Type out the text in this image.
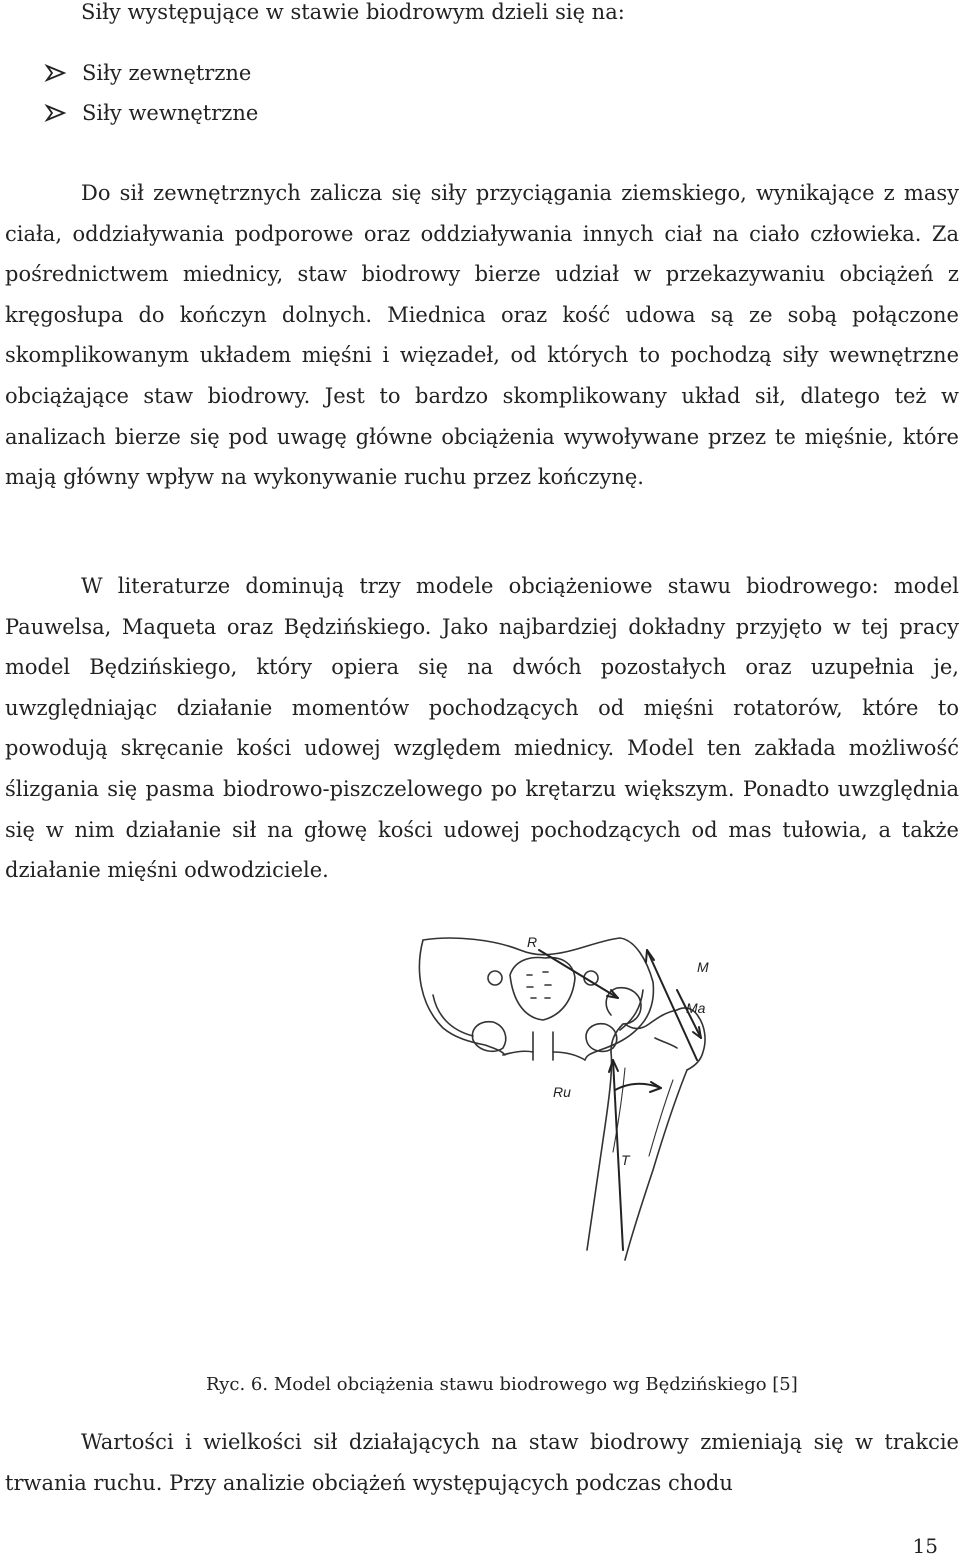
Siły występujące w stawie biodrowym dzieli się na:

Siły zewnętrzne
Siły wewnętrzne

Do sił zewnętrznych zalicza się siły przyciągania ziemskiego, wynikające z masy ciała, oddziaływania podporowe oraz oddziaływania innych ciał na ciało człowieka. Za pośrednictwem miednicy, staw biodrowy bierze udział w przekazywaniu obciążeń z kręgosłupa do kończyn dolnych. Miednica oraz kość udowa są ze sobą połączone skomplikowanym układem mięśni i więzadeł, od których to pochodzą siły wewnętrzne obciążające staw biodrowy. Jest to bardzo skomplikowany układ sił, dlatego też w analizach bierze się pod uwagę główne obciążenia wywoływane przez te mięśnie, które mają główny wpływ na wykonywanie ruchu przez kończynę.

W literaturze dominują trzy modele obciążeniowe stawu biodrowego: model Pauwelsa, Maqueta oraz Będzińskiego. Jako najbardziej dokładny przyjęto w tej pracy model Będzińskiego, który opiera się na dwóch pozostałych oraz uzupełnia je, uwzględniając działanie momentów pochodzących od mięśni rotatorów, które to powodują skręcanie kości udowej względem miednicy. Model ten zakłada możliwość ślizgania się pasma biodrowo-piszczelowego po krętarzu większym. Ponadto uwzględnia się w nim działanie sił na głowę kości udowej pochodzących od mas tułowia, a także działanie mięśni odwodziciele.

R
M
Ma
Ru
T

Ryc. 6. Model obciążenia stawu biodrowego wg Będzińskiego [5]

Wartości i wielkości sił działających na staw biodrowy zmieniają się w trakcie trwania ruchu. Przy analizie obciążeń występujących podczas chodu

15
